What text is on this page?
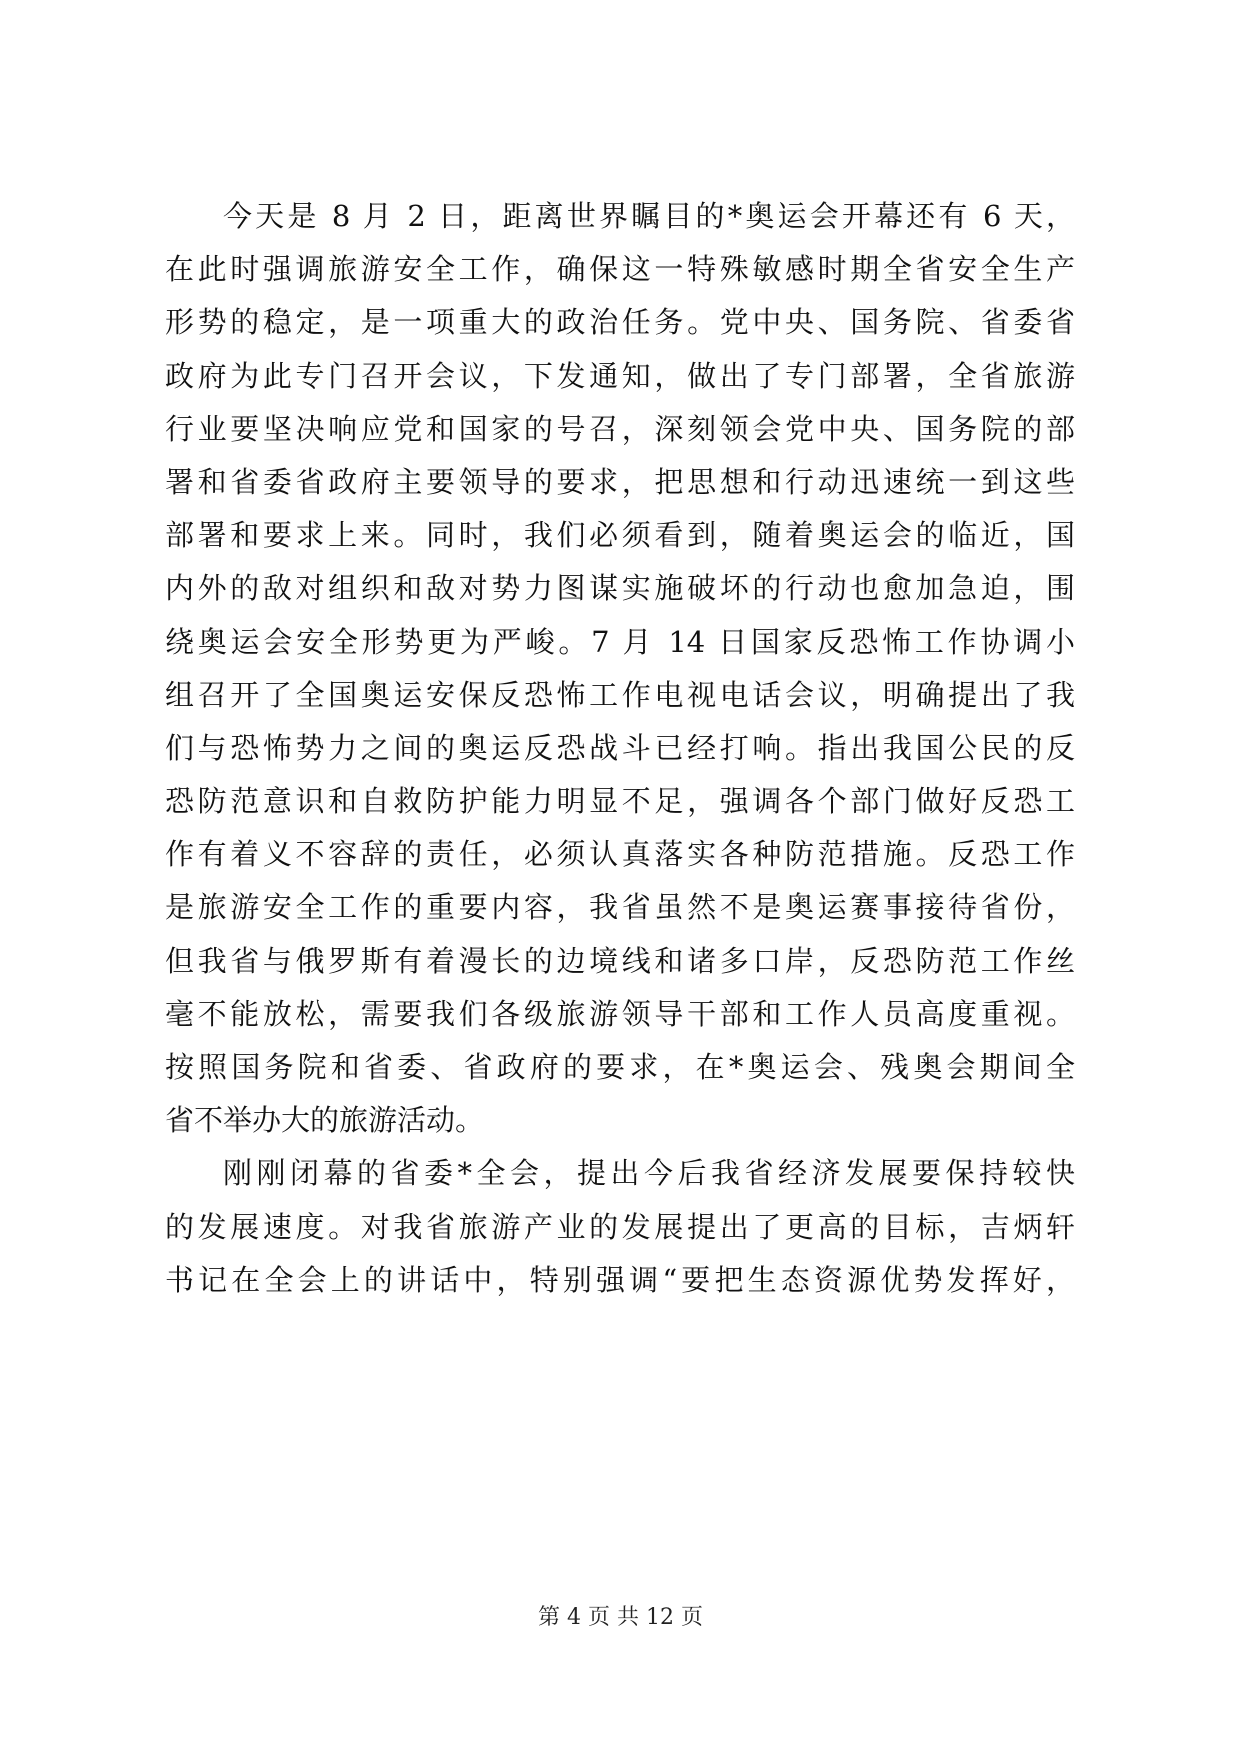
今天是 8 月 2 日，距离世界瞩目的*奥运会开幕还有 6 天，
在此时强调旅游安全工作，确保这一特殊敏感时期全省安全生产
形势的稳定，是一项重大的政治任务。党中央、国务院、省委省
政府为此专门召开会议，下发通知，做出了专门部署，全省旅游
行业要坚决响应党和国家的号召，深刻领会党中央、国务院的部
署和省委省政府主要领导的要求，把思想和行动迅速统一到这些
部署和要求上来。同时，我们必须看到，随着奥运会的临近，国
内外的敌对组织和敌对势力图谋实施破坏的行动也愈加急迫，围
绕奥运会安全形势更为严峻。7 月 14 日国家反恐怖工作协调小
组召开了全国奥运安保反恐怖工作电视电话会议，明确提出了我
们与恐怖势力之间的奥运反恐战斗已经打响。指出我国公民的反
恐防范意识和自救防护能力明显不足，强调各个部门做好反恐工
作有着义不容辞的责任，必须认真落实各种防范措施。反恐工作
是旅游安全工作的重要内容，我省虽然不是奥运赛事接待省份，
但我省与俄罗斯有着漫长的边境线和诸多口岸，反恐防范工作丝
毫不能放松，需要我们各级旅游领导干部和工作人员高度重视。
按照国务院和省委、省政府的要求，在*奥运会、残奥会期间全
省不举办大的旅游活动。
刚刚闭幕的省委*全会，提出今后我省经济发展要保持较快
的发展速度。对我省旅游产业的发展提出了更高的目标，吉炳轩
书记在全会上的讲话中，特别强调“要把生态资源优势发挥好，
第 4 页 共 12 页
